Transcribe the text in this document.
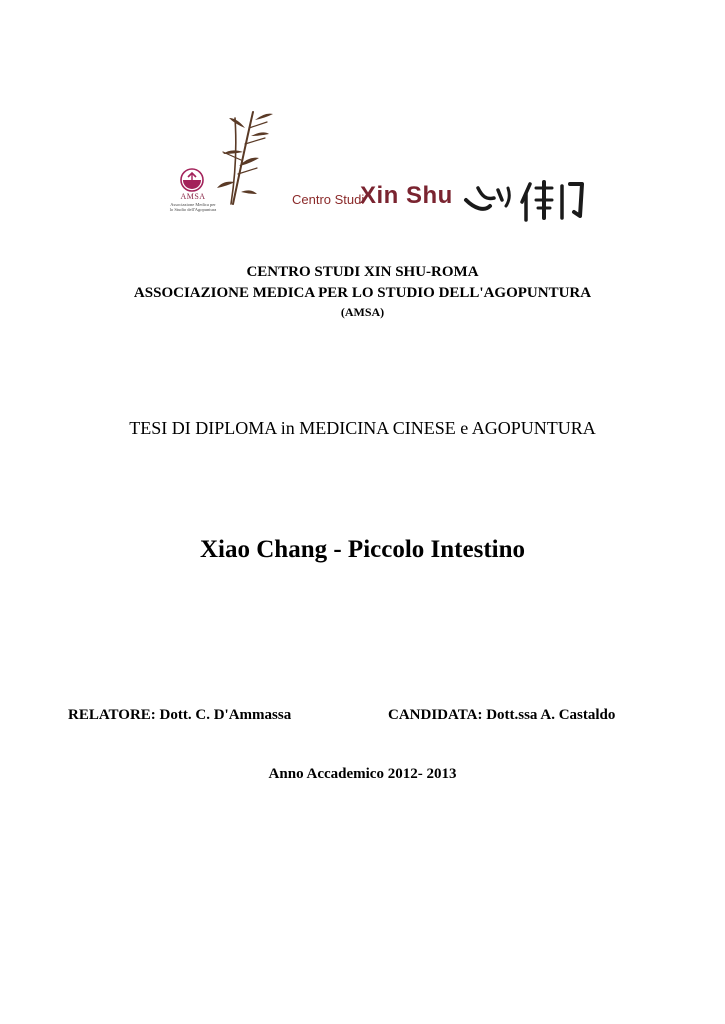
AMSA
Associazione Medica per lo Studio dell'Agopuntura
Centro Studi
Xin Shu
CENTRO STUDI XIN SHU-ROMA
ASSOCIAZIONE MEDICA PER LO STUDIO DELL'AGOPUNTURA
(AMSA)
TESI DI DIPLOMA in MEDICINA CINESE e AGOPUNTURA
Xiao Chang - Piccolo Intestino
RELATORE: Dott. C. D'Ammassa	CANDIDATA: Dott.ssa A. Castaldo
Anno Accademico 2012- 2013
